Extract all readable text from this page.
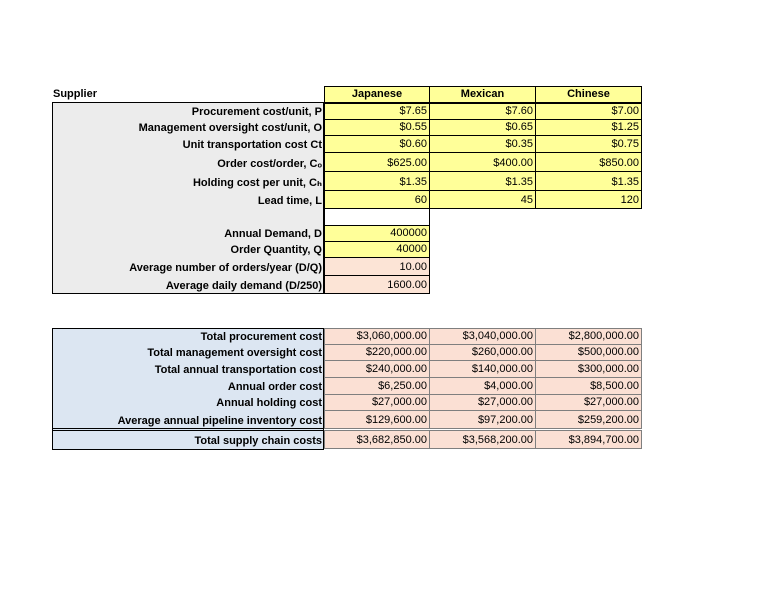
Supplier	Japanese	Mexican	Chinese
Procurement cost/unit, P	$7.65	$7.60	$7.00
Management oversight cost/unit, O	$0.55	$0.65	$1.25
Unit transportation cost Ct	$0.60	$0.35	$0.75
Order cost/order, Cₒ	$625.00	$400.00	$850.00
Holding cost per unit, Cₕ	$1.35	$1.35	$1.35
Lead time, L	60	45	120
Annual Demand, D	400000
Order Quantity, Q	40000
Average number of orders/year (D/Q)	10.00
Average daily demand (D/250)	1600.00
Total procurement cost	$3,060,000.00	$3,040,000.00	$2,800,000.00
Total management oversight cost	$220,000.00	$260,000.00	$500,000.00
Total annual transportation cost	$240,000.00	$140,000.00	$300,000.00
Annual order cost	$6,250.00	$4,000.00	$8,500.00
Annual holding cost	$27,000.00	$27,000.00	$27,000.00
Average annual pipeline inventory cost	$129,600.00	$97,200.00	$259,200.00
Total supply chain costs	$3,682,850.00	$3,568,200.00	$3,894,700.00
